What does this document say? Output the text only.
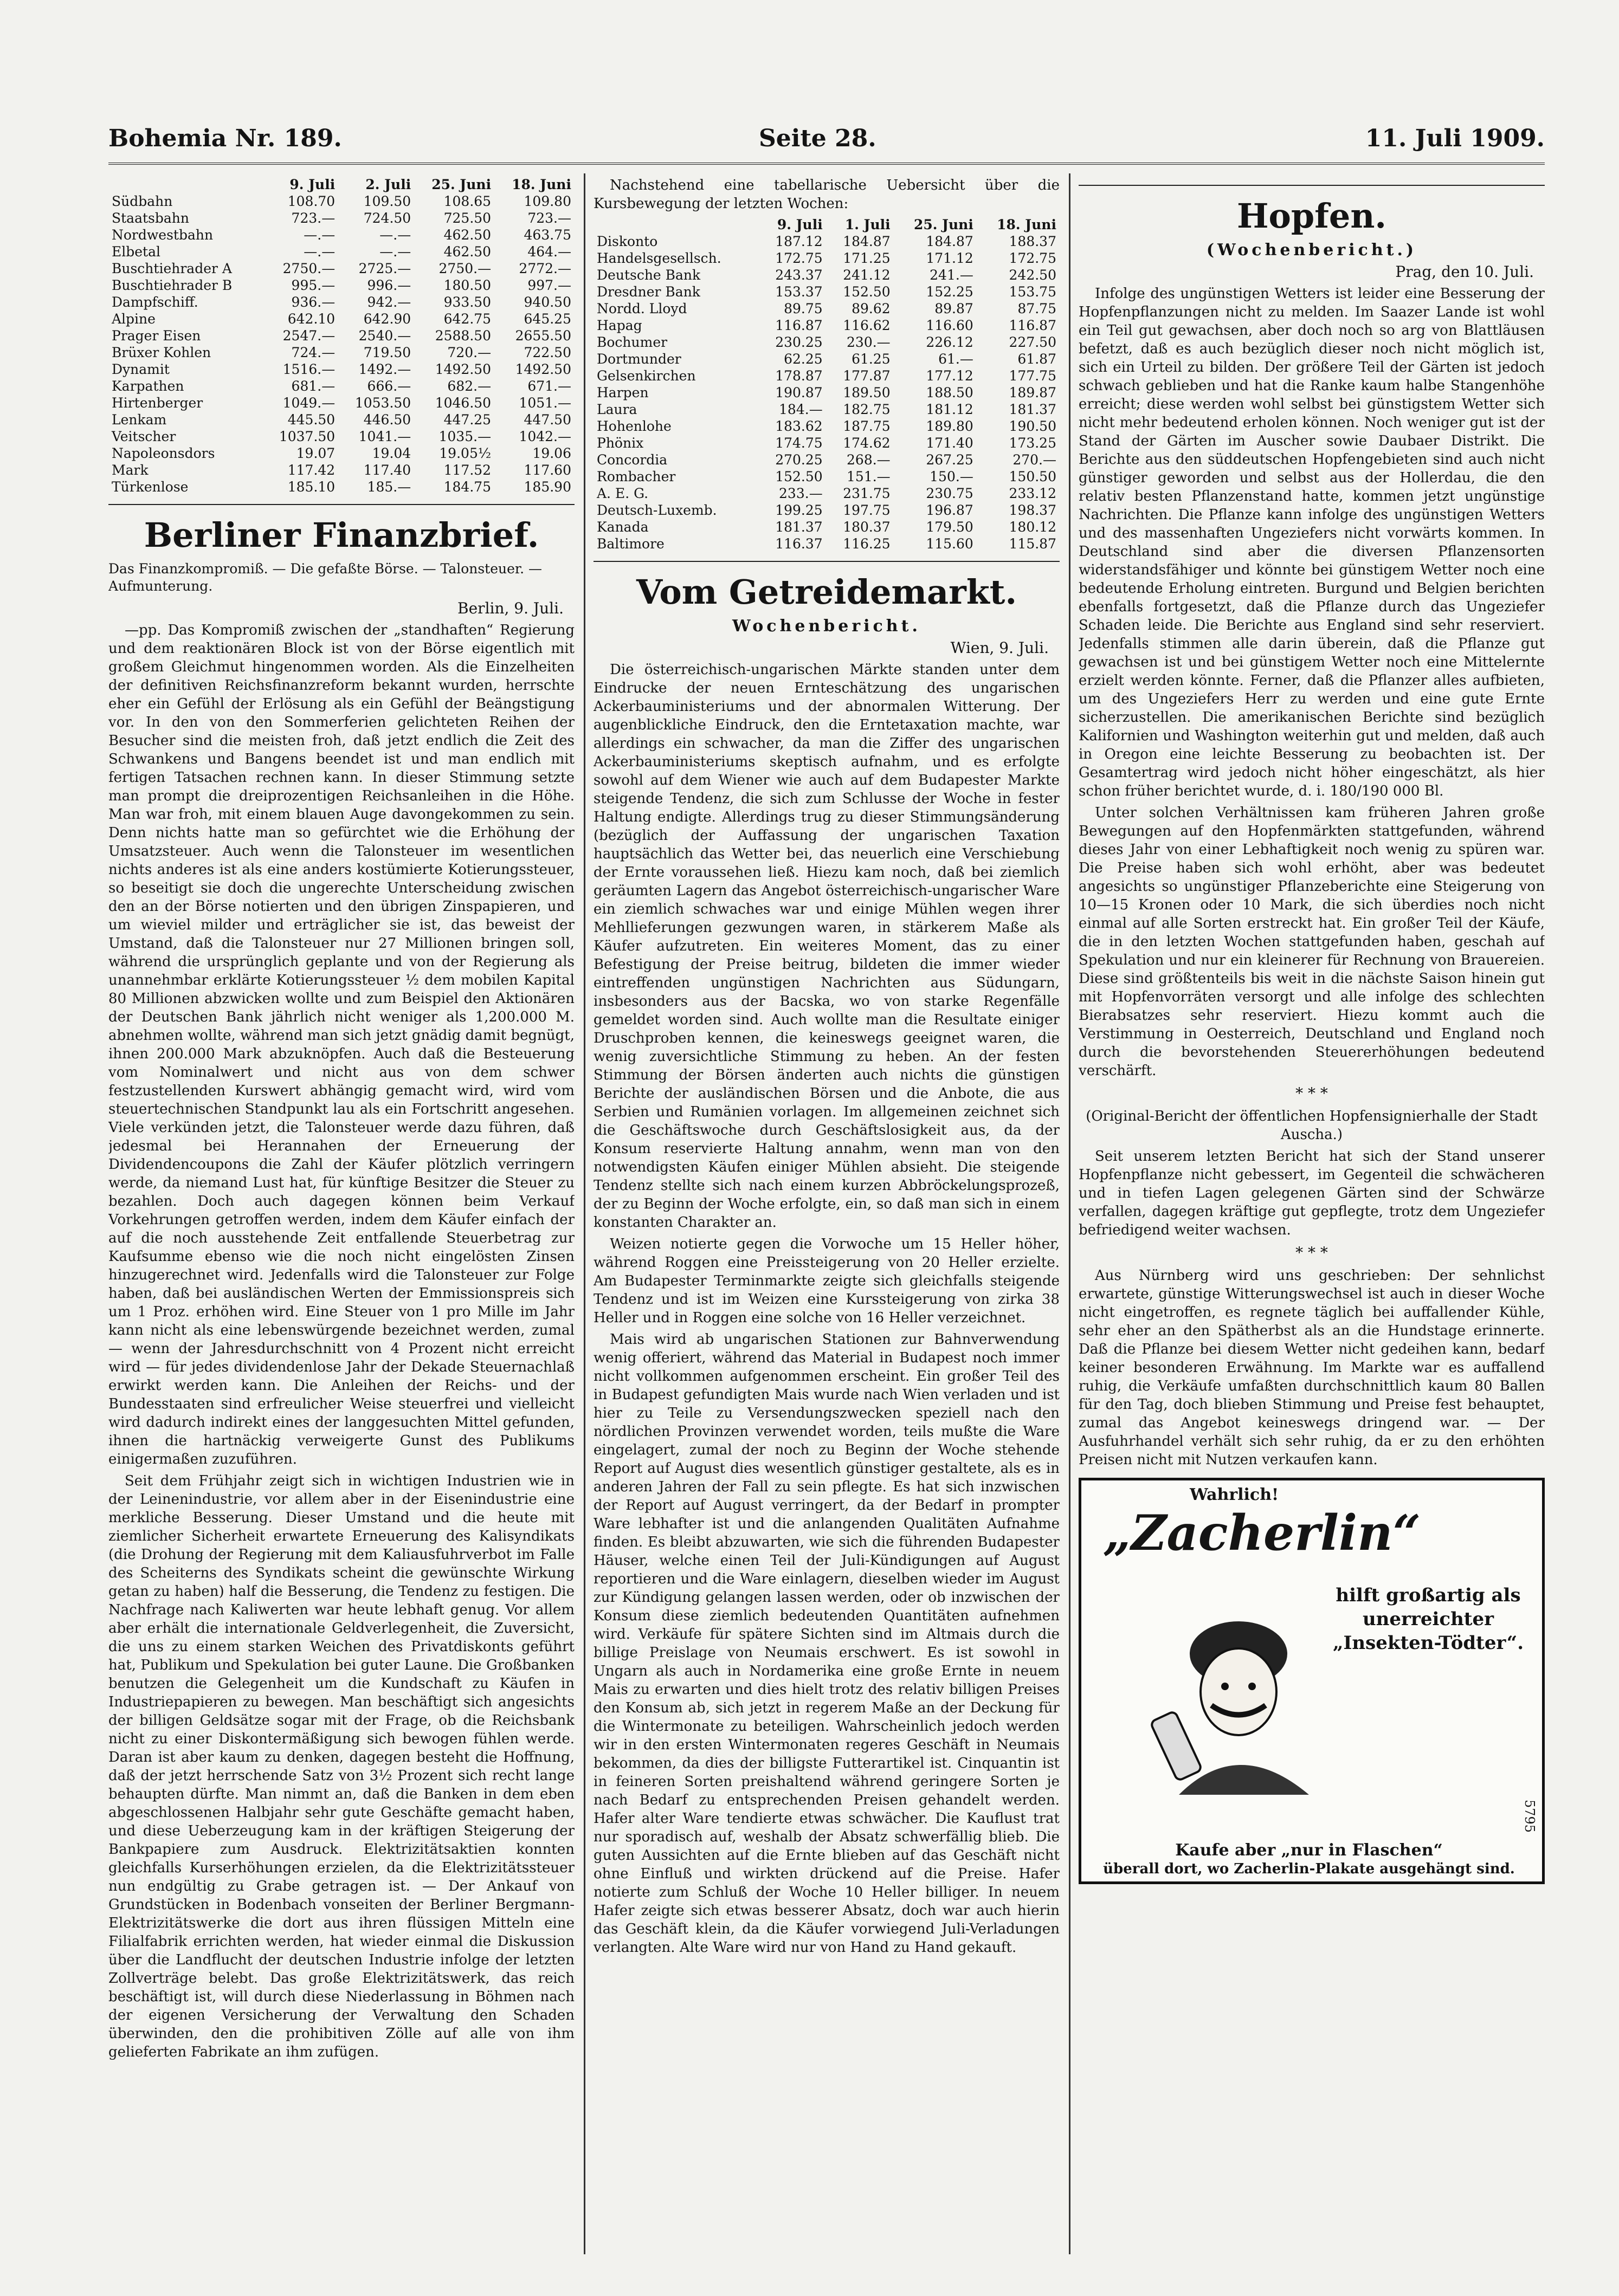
Bohemia Nr. 189.	Seite 28.	11. Juli 1909.
	9. Juli	2. Juli	25. Juni	18. Juni
Südbahn	108.70	109.50	108.65	109.80
Staatsbahn	723.—	724.50	725.50	723.—
Nordwestbahn	—.—	—.—	462.50	463.75
Elbetal	—.—	—.—	462.50	464.—
Buschtiehrader A	2750.—	2725.—	2750.—	2772.—
Buschtiehrader B	995.—	996.—	180.50	997.—
Dampfschiff.	936.—	942.—	933.50	940.50
Alpine	642.10	642.90	642.75	645.25
Prager Eisen	2547.—	2540.—	2588.50	2655.50
Brüxer Kohlen	724.—	719.50	720.—	722.50
Dynamit	1516.—	1492.—	1492.50	1492.50
Karpathen	681.—	666.—	682.—	671.—
Hirtenberger	1049.—	1053.50	1046.50	1051.—
Lenkam	445.50	446.50	447.25	447.50
Veitscher	1037.50	1041.—	1035.—	1042.—
Napoleonsdors	19.07	19.04	19.05½	19.06
Mark	117.42	117.40	117.52	117.60
Türkenlose	185.10	185.—	184.75	185.90
Berliner Finanzbrief.
Das Finanzkompromiß. — Die gefaßte Börse. — Talonsteuer. — Aufmunterung.
Berlin, 9. Juli.

—pp. Das Kompromiß zwischen der „standhaften“ Regierung und dem reaktionären Block ist von der Börse eigentlich mit großem Gleichmut hingenommen worden. Als die Einzelheiten der definitiven Reichsfinanzreform bekannt wurden, herrschte eher ein Gefühl der Erlösung als ein Gefühl der Beängstigung vor. In den von den Sommerferien gelichteten Reihen der Besucher sind die meisten froh, daß jetzt endlich die Zeit des Schwankens und Bangens beendet ist und man endlich mit fertigen Tatsachen rechnen kann. In dieser Stimmung setzte man prompt die dreiprozentigen Reichsanleihen in die Höhe. Man war froh, mit einem blauen Auge davongekommen zu sein. Denn nichts hatte man so gefürchtet wie die Erhöhung der Umsatzsteuer. Auch wenn die Talonsteuer im wesentlichen nichts anderes ist als eine anders kostümierte Kotierungssteuer, so beseitigt sie doch die ungerechte Unterscheidung zwischen den an der Börse notierten und den übrigen Zinspapieren, und um wieviel milder und erträglicher sie ist, das beweist der Umstand, daß die Talonsteuer nur 27 Millionen bringen soll, während die ursprünglich geplante und von der Regierung als unannehmbar erklärte Kotierungssteuer ½ dem mobilen Kapital 80 Millionen abzwicken wollte und zum Beispiel den Aktionären der Deutschen Bank jährlich nicht weniger als 1,200.000 M. abnehmen wollte, während man sich jetzt gnädig damit begnügt, ihnen 200.000 Mark abzuknöpfen. Auch daß die Besteuerung vom Nominalwert und nicht aus von dem schwer festzustellenden Kurswert abhängig gemacht wird, wird vom steuertechnischen Standpunkt lau als ein Fortschritt angesehen. Viele verkünden jetzt, die Talonsteuer werde dazu führen, daß jedesmal bei Herannahen der Erneuerung der Dividendencoupons die Zahl der Käufer plötzlich verringern werde, da niemand Lust hat, für künftige Besitzer die Steuer zu bezahlen. Doch auch dagegen können beim Verkauf Vorkehrungen getroffen werden, indem dem Käufer einfach der auf die noch ausstehende Zeit entfallende Steuerbetrag zur Kaufsumme ebenso wie die noch nicht eingelösten Zinsen hinzugerechnet wird. Jedenfalls wird die Talonsteuer zur Folge haben, daß bei ausländischen Werten der Emmissionspreis sich um 1 Proz. erhöhen wird. Eine Steuer von 1 pro Mille im Jahr kann nicht als eine lebenswürgende bezeichnet werden, zumal — wenn der Jahresdurchschnitt von 4 Prozent nicht erreicht wird — für jedes dividendenlose Jahr der Dekade Steuernachlaß erwirkt werden kann. Die Anleihen der Reichs- und der Bundesstaaten sind erfreulicher Weise steuerfrei und vielleicht wird dadurch indirekt eines der langgesuchten Mittel gefunden, ihnen die hartnäckig verweigerte Gunst des Publikums einigermaßen zuzuführen.

Seit dem Frühjahr zeigt sich in wichtigen Industrien wie in der Leinenindustrie, vor allem aber in der Eisenindustrie eine merkliche Besserung. Dieser Umstand und die heute mit ziemlicher Sicherheit erwartete Erneuerung des Kalisyndikats (die Drohung der Regierung mit dem Kaliausfuhrverbot im Falle des Scheiterns des Syndikats scheint die gewünschte Wirkung getan zu haben) half die Besserung, die Tendenz zu festigen. Die Nachfrage nach Kaliwerten war heute lebhaft genug. Vor allem aber erhält die internationale Geldverlegenheit, die Zuversicht, die uns zu einem starken Weichen des Privatdiskonts geführt hat, Publikum und Spekulation bei guter Laune. Die Großbanken benutzen die Gelegenheit um die Kundschaft zu Käufen in Industriepapieren zu bewegen. Man beschäftigt sich angesichts der billigen Geldsätze sogar mit der Frage, ob die Reichsbank nicht zu einer Diskontermäßigung sich bewogen fühlen werde. Daran ist aber kaum zu denken, dagegen besteht die Hoffnung, daß der jetzt herrschende Satz von 3½ Prozent sich recht lange behaupten dürfte. Man nimmt an, daß die Banken in dem eben abgeschlossenen Halbjahr sehr gute Geschäfte gemacht haben, und diese Ueberzeugung kam in der kräftigen Steigerung der Bankpapiere zum Ausdruck. Elektrizitätsaktien konnten gleichfalls Kurserhöhungen erzielen, da die Elektrizitätssteuer nun endgültig zu Grabe getragen ist. — Der Ankauf von Grundstücken in Bodenbach vonseiten der Berliner Bergmann-Elektrizitätswerke die dort aus ihren flüssigen Mitteln eine Filialfabrik errichten werden, hat wieder einmal die Diskussion über die Landflucht der deutschen Industrie infolge der letzten Zollverträge belebt. Das große Elektrizitätswerk, das reich beschäftigt ist, will durch diese Niederlassung in Böhmen nach der eigenen Versicherung der Verwaltung den Schaden überwinden, den die prohibitiven Zölle auf alle von ihm gelieferten Fabrikate an ihm zufügen.

Nachstehend eine tabellarische Uebersicht über die Kursbewegung der letzten Wochen:

	9. Juli	1. Juli	25. Juni	18. Juni
Diskonto	187.12	184.87	184.87	188.37
Handelsgesellsch.	172.75	171.25	171.12	172.75
Deutsche Bank	243.37	241.12	241.—	242.50
Dresdner Bank	153.37	152.50	152.25	153.75
Nordd. Lloyd	89.75	89.62	89.87	87.75
Hapag	116.87	116.62	116.60	116.87
Bochumer	230.25	230.—	226.12	227.50
Dortmunder	62.25	61.25	61.—	61.87
Gelsenkirchen	178.87	177.87	177.12	177.75
Harpen	190.87	189.50	188.50	189.87
Laura	184.—	182.75	181.12	181.37
Hohenlohe	183.62	187.75	189.80	190.50
Phönix	174.75	174.62	171.40	173.25
Concordia	270.25	268.—	267.25	270.—
Rombacher	152.50	151.—	150.—	150.50
A. E. G.	233.—	231.75	230.75	233.12
Deutsch-Luxemb.	199.25	197.75	196.87	198.37
Kanada	181.37	180.37	179.50	180.12
Baltimore	116.37	116.25	115.60	115.87
Vom Getreidemarkt.
Wochenbericht.
Wien, 9. Juli.

Die österreichisch-ungarischen Märkte standen unter dem Eindrucke der neuen Ernteschätzung des ungarischen Ackerbauministeriums und der abnormalen Witterung. Der augenblickliche Eindruck, den die Erntetaxation machte, war allerdings ein schwacher, da man die Ziffer des ungarischen Ackerbauministeriums skeptisch aufnahm, und es erfolgte sowohl auf dem Wiener wie auch auf dem Budapester Markte steigende Tendenz, die sich zum Schlusse der Woche in fester Haltung endigte. Allerdings trug zu dieser Stimmungsänderung (bezüglich der Auffassung der ungarischen Taxation hauptsächlich das Wetter bei, das neuerlich eine Verschiebung der Ernte voraussehen ließ. Hiezu kam noch, daß bei ziemlich geräumten Lagern das Angebot österreichisch-ungarischer Ware ein ziemlich schwaches war und einige Mühlen wegen ihrer Mehllieferungen gezwungen waren, in stärkerem Maße als Käufer aufzutreten. Ein weiteres Moment, das zu einer Befestigung der Preise beitrug, bildeten die immer wieder eintreffenden ungünstigen Nachrichten aus Südungarn, insbesonders aus der Bacska, wo von starke Regenfälle gemeldet worden sind. Auch wollte man die Resultate einiger Druschproben kennen, die keineswegs geeignet waren, die wenig zuversichtliche Stimmung zu heben. An der festen Stimmung der Börsen änderten auch nichts die günstigen Berichte der ausländischen Börsen und die Anbote, die aus Serbien und Rumänien vorlagen. Im allgemeinen zeichnet sich die Geschäftswoche durch Geschäftslosigkeit aus, da der Konsum reservierte Haltung annahm, wenn man von den notwendigsten Käufen einiger Mühlen absieht. Die steigende Tendenz stellte sich nach einem kurzen Abbröckelungsprozeß, der zu Beginn der Woche erfolgte, ein, so daß man sich in einem konstanten Charakter an.

Weizen notierte gegen die Vorwoche um 15 Heller höher, während Roggen eine Preissteigerung von 20 Heller erzielte. Am Budapester Terminmarkte zeigte sich gleichfalls steigende Tendenz und ist im Weizen eine Kurssteigerung von zirka 38 Heller und in Roggen eine solche von 16 Heller verzeichnet.

Mais wird ab ungarischen Stationen zur Bahnverwendung wenig offeriert, während das Material in Budapest noch immer nicht vollkommen aufgenommen erscheint. Ein großer Teil des in Budapest gefundigten Mais wurde nach Wien verladen und ist hier zu Teile zu Versendungszwecken speziell nach den nördlichen Provinzen verwendet worden, teils mußte die Ware eingelagert, zumal der noch zu Beginn der Woche stehende Report auf August dies wesentlich günstiger gestaltete, als es in anderen Jahren der Fall zu sein pflegte. Es hat sich inzwischen der Report auf August verringert, da der Bedarf in prompter Ware lebhafter ist und die anlangenden Qualitäten Aufnahme finden. Es bleibt abzuwarten, wie sich die führenden Budapester Häuser, welche einen Teil der Juli-Kündigungen auf August reportieren und die Ware einlagern, dieselben wieder im August zur Kündigung gelangen lassen werden, oder ob inzwischen der Konsum diese ziemlich bedeutenden Quantitäten aufnehmen wird. Verkäufe für spätere Sichten sind im Altmais durch die billige Preislage von Neumais erschwert. Es ist sowohl in Ungarn als auch in Nordamerika eine große Ernte in neuem Mais zu erwarten und dies hielt trotz des relativ billigen Preises den Konsum ab, sich jetzt in regerem Maße an der Deckung für die Wintermonate zu beteiligen. Wahrscheinlich jedoch werden wir in den ersten Wintermonaten regeres Geschäft in Neumais bekommen, da dies der billigste Futterartikel ist. Cinquantin ist in feineren Sorten preishaltend während geringere Sorten je nach Bedarf zu entsprechenden Preisen gehandelt werden. Hafer alter Ware tendierte etwas schwächer. Die Kauflust trat nur sporadisch auf, weshalb der Absatz schwerfällig blieb. Die guten Aussichten auf die Ernte blieben auf das Geschäft nicht ohne Einfluß und wirkten drückend auf die Preise. Hafer notierte zum Schluß der Woche 10 Heller billiger. In neuem Hafer zeigte sich etwas besserer Absatz, doch war auch hierin das Geschäft klein, da die Käufer vorwiegend Juli-Verladungen verlangten. Alte Ware wird nur von Hand zu Hand gekauft.

Hopfen.
(Wochenbericht.)
Prag, den 10. Juli.

Infolge des ungünstigen Wetters ist leider eine Besserung der Hopfenpflanzungen nicht zu melden. Im Saazer Lande ist wohl ein Teil gut gewachsen, aber doch noch so arg von Blattläusen befetzt, daß es auch bezüglich dieser noch nicht möglich ist, sich ein Urteil zu bilden. Der größere Teil der Gärten ist jedoch schwach geblieben und hat die Ranke kaum halbe Stangenhöhe erreicht; diese werden wohl selbst bei günstigstem Wetter sich nicht mehr bedeutend erholen können. Noch weniger gut ist der Stand der Gärten im Auscher sowie Daubaer Distrikt. Die Berichte aus den süddeutschen Hopfengebieten sind auch nicht günstiger geworden und selbst aus der Hollerdau, die den relativ besten Pflanzenstand hatte, kommen jetzt ungünstige Nachrichten. Die Pflanze kann infolge des ungünstigen Wetters und des massenhaften Ungeziefers nicht vorwärts kommen. In Deutschland sind aber die diversen Pflanzensorten widerstandsfähiger und könnte bei günstigem Wetter noch eine bedeutende Erholung eintreten. Burgund und Belgien berichten ebenfalls fortgesetzt, daß die Pflanze durch das Ungeziefer Schaden leide. Die Berichte aus England sind sehr reserviert. Jedenfalls stimmen alle darin überein, daß die Pflanze gut gewachsen ist und bei günstigem Wetter noch eine Mittelernte erzielt werden könnte. Ferner, daß die Pflanzer alles aufbieten, um des Ungeziefers Herr zu werden und eine gute Ernte sicherzustellen. Die amerikanischen Berichte sind bezüglich Kalifornien und Washington weiterhin gut und melden, daß auch in Oregon eine leichte Besserung zu beobachten ist. Der Gesamtertrag wird jedoch nicht höher eingeschätzt, als hier schon früher berichtet wurde, d. i. 180/190 000 Bl.

Unter solchen Verhältnissen kam früheren Jahren große Bewegungen auf den Hopfenmärkten stattgefunden, während dieses Jahr von einer Lebhaftigkeit noch wenig zu spüren war. Die Preise haben sich wohl erhöht, aber was bedeutet angesichts so ungünstiger Pflanzeberichte eine Steigerung von 10—15 Kronen oder 10 Mark, die sich überdies noch nicht einmal auf alle Sorten erstreckt hat. Ein großer Teil der Käufe, die in den letzten Wochen stattgefunden haben, geschah auf Spekulation und nur ein kleinerer für Rechnung von Brauereien. Diese sind größtenteils bis weit in die nächste Saison hinein gut mit Hopfenvorräten versorgt und alle infolge des schlechten Bierabsatzes sehr reserviert. Hiezu kommt auch die Verstimmung in Oesterreich, Deutschland und England noch durch die bevorstehenden Steuererhöhungen bedeutend verschärft.

* * *

(Original-Bericht der öffentlichen Hopfensignierhalle der Stadt Auscha.)

Seit unserem letzten Bericht hat sich der Stand unserer Hopfenpflanze nicht gebessert, im Gegenteil die schwächeren und in tiefen Lagen gelegenen Gärten sind der Schwärze verfallen, dagegen kräftige gut gepflegte, trotz dem Ungeziefer befriedigend weiter wachsen.

* * *

Aus Nürnberg wird uns geschrieben: Der sehnlichst erwartete, günstige Witterungswechsel ist auch in dieser Woche nicht eingetroffen, es regnete täglich bei auffallender Kühle, sehr eher an den Spätherbst als an die Hundstage erinnerte. Daß die Pflanze bei diesem Wetter nicht gedeihen kann, bedarf keiner besonderen Erwähnung. Im Markte war es auffallend ruhig, die Verkäufe umfaßten durchschnittlich kaum 80 Ballen für den Tag, doch blieben Stimmung und Preise fest behauptet, zumal das Angebot keineswegs dringend war. — Der Ausfuhrhandel verhält sich sehr ruhig, da er zu den erhöhten Preisen nicht mit Nutzen verkaufen kann.

Wahrlich!
„Zacherlin“
hilft großartig als unerreichter „Insekten-Tödter“.
Kaufe aber „nur in Flaschen“
überall dort, wo Zacherlin-Plakate ausgehängt sind.
5795
